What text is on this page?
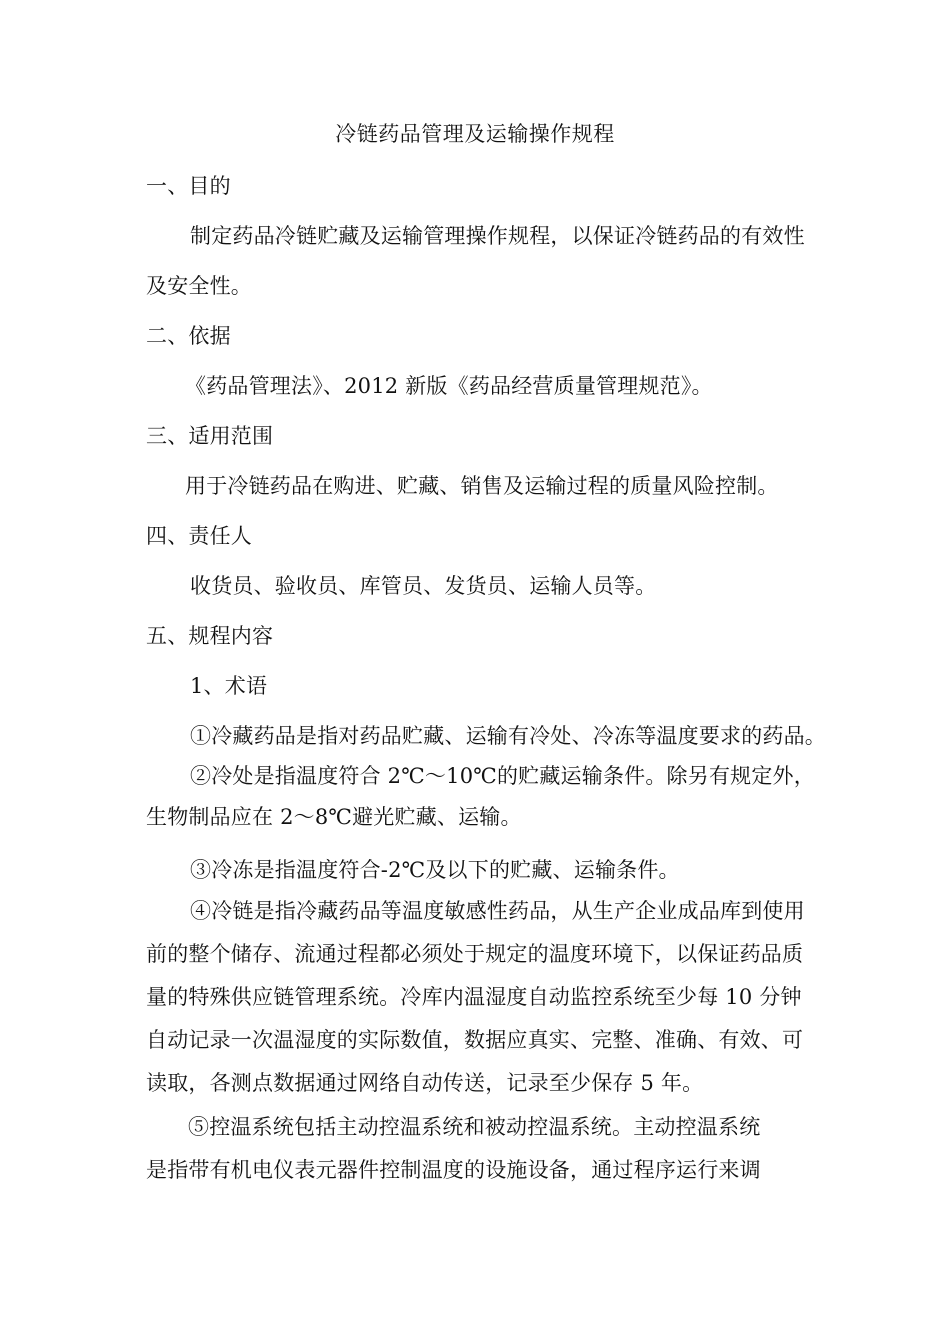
冷链药品管理及运输操作规程
一、目的
制定药品冷链贮藏及运输管理操作规程，以保证冷链药品的有效性
及安全性。
二、依据
《药品管理法》、2012 新版《药品经营质量管理规范》。
三、适用范围
用于冷链药品在购进、贮藏、销售及运输过程的质量风险控制。
四、责任人
收货员、验收员、库管员、发货员、运输人员等。
五、规程内容
1、术语
①冷藏药品是指对药品贮藏、运输有冷处、冷冻等温度要求的药品。
②冷处是指温度符合 2℃～10℃的贮藏运输条件。除另有规定外，
生物制品应在 2～8℃避光贮藏、运输。
③冷冻是指温度符合-2℃及以下的贮藏、运输条件。
④冷链是指冷藏药品等温度敏感性药品，从生产企业成品库到使用
前的整个储存、流通过程都必须处于规定的温度环境下，以保证药品质
量的特殊供应链管理系统。冷库内温湿度自动监控系统至少每 10 分钟
自动记录一次温湿度的实际数值，数据应真实、完整、准确、有效、可
读取，各测点数据通过网络自动传送，记录至少保存 5 年。
⑤控温系统包括主动控温系统和被动控温系统。主动控温系统
是指带有机电仪表元器件控制温度的设施设备，通过程序运行来调
